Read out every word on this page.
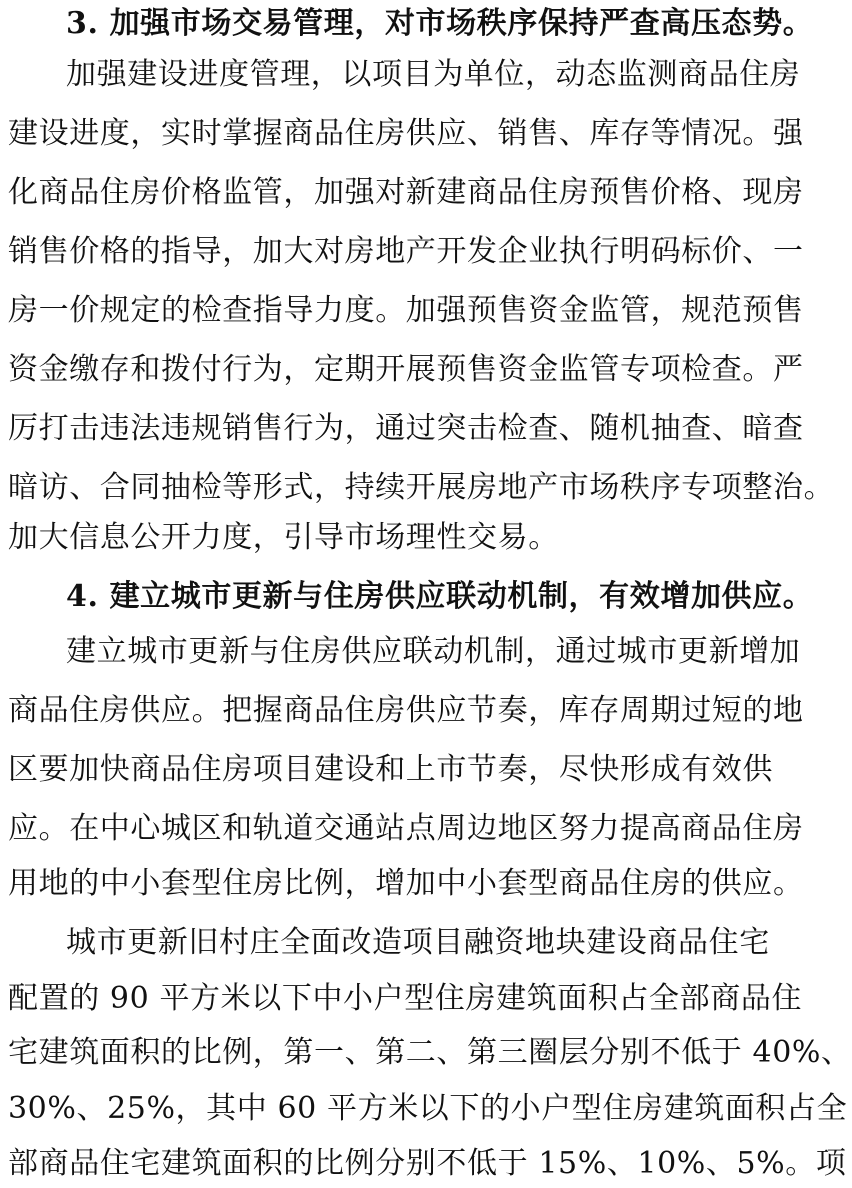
3. 加强市场交易管理，对市场秩序保持严查高压态势。
加强建设进度管理，以项目为单位，动态监测商品住房
建设进度，实时掌握商品住房供应、销售、库存等情况。强
化商品住房价格监管，加强对新建商品住房预售价格、现房
销售价格的指导，加大对房地产开发企业执行明码标价、一
房一价规定的检查指导力度。加强预售资金监管，规范预售
资金缴存和拨付行为，定期开展预售资金监管专项检查。严
厉打击违法违规销售行为，通过突击检查、随机抽查、暗查
暗访、合同抽检等形式，持续开展房地产市场秩序专项整治。
加大信息公开力度，引导市场理性交易。
4. 建立城市更新与住房供应联动机制，有效增加供应。
建立城市更新与住房供应联动机制，通过城市更新增加
商品住房供应。把握商品住房供应节奏，库存周期过短的地
区要加快商品住房项目建设和上市节奏，尽快形成有效供
应。在中心城区和轨道交通站点周边地区努力提高商品住房
用地的中小套型住房比例，增加中小套型商品住房的供应。
城市更新旧村庄全面改造项目融资地块建设商品住宅
配置的 90 平方米以下中小户型住房建筑面积占全部商品住
宅建筑面积的比例，第一、第二、第三圈层分别不低于 40%、
30%、25%，其中 60 平方米以下的小户型住房建筑面积占全
部商品住宅建筑面积的比例分别不低于 15%、10%、5%。项
